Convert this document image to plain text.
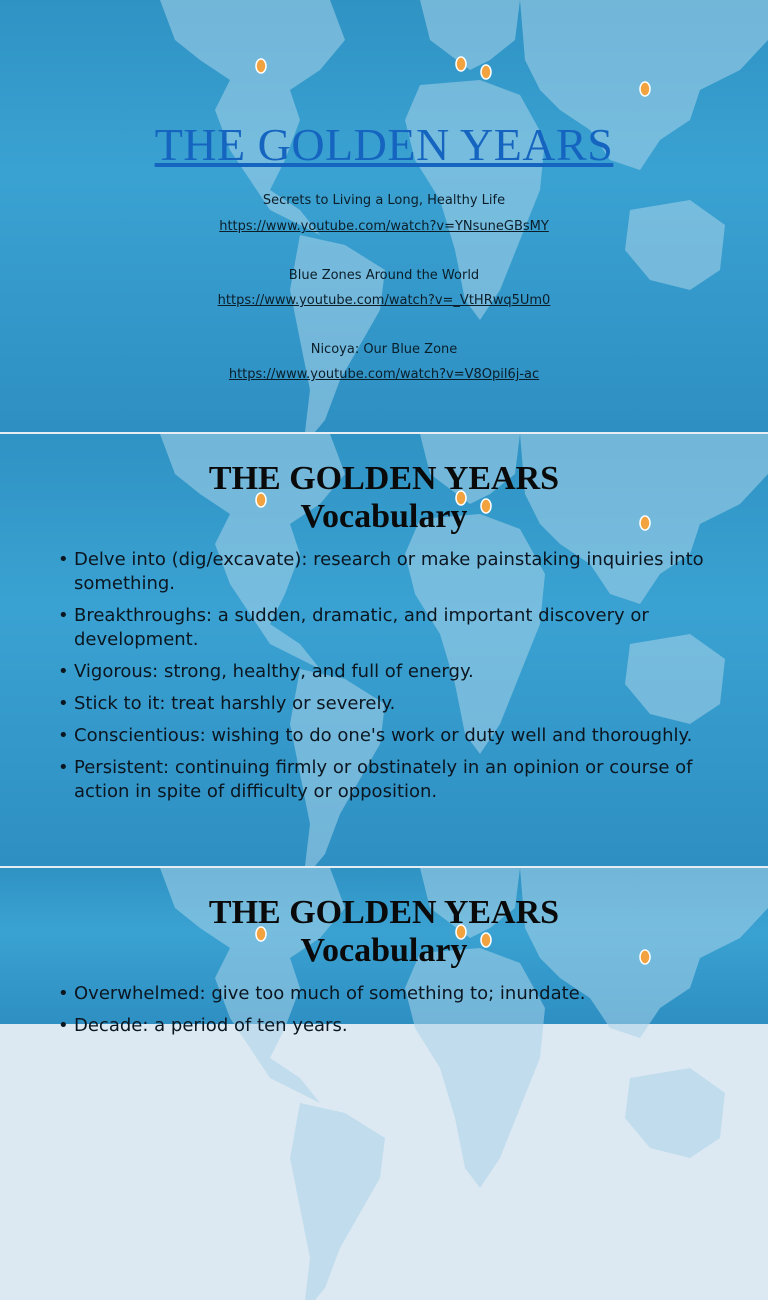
THE GOLDEN YEARS

Secrets to Living a Long, Healthy Life

https://www.youtube.com/watch?v=YNsuneGBsMY

Blue Zones Around the World

https://www.youtube.com/watch?v=_VtHRwq5Um0

Nicoya: Our Blue Zone

https://www.youtube.com/watch?v=V8Opil6j-ac

THE GOLDEN YEARS
Vocabulary
• Delve into (dig/excavate): research or make painstaking inquiries into something.
• Breakthroughs: a sudden, dramatic, and important discovery or development.
• Vigorous: strong, healthy, and full of energy.
• Stick to it: treat harshly or severely.
• Conscientious: wishing to do one's work or duty well and thoroughly.
• Persistent: continuing firmly or obstinately in an opinion or course of action in spite of difficulty or opposition.
THE GOLDEN YEARS
Vocabulary
• Overwhelmed: give too much of something to; inundate.
• Decade: a period of ten years.
